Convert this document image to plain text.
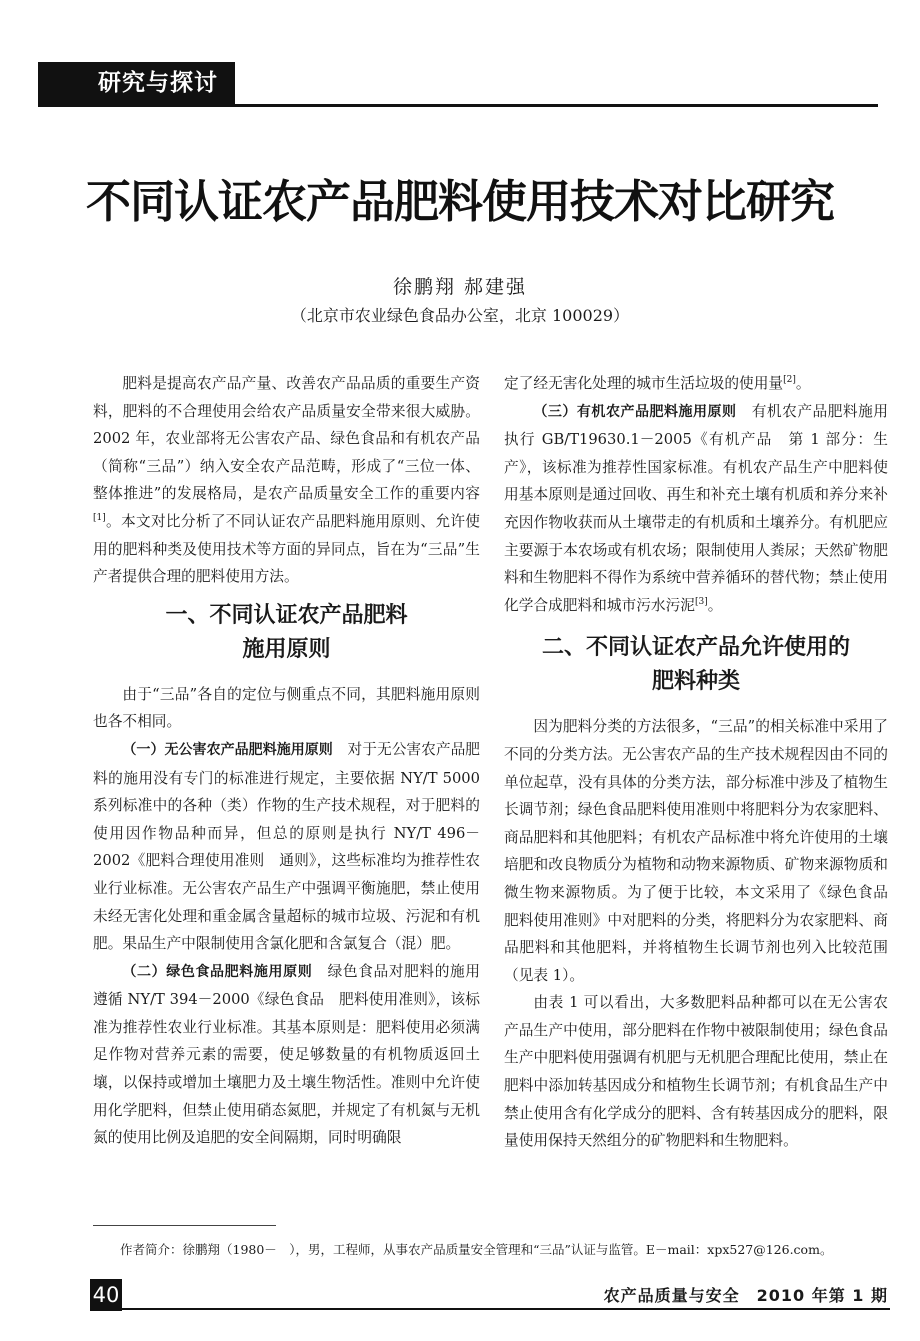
研究与探讨
不同认证农产品肥料使用技术对比研究

徐鹏翔 郝建强

（北京市农业绿色食品办公室，北京 100029）

肥料是提高农产品产量、改善农产品品质的重要生产资料，肥料的不合理使用会给农产品质量安全带来很大威胁。2002 年，农业部将无公害农产品、绿色食品和有机农产品（简称“三品”）纳入安全农产品范畴，形成了“三位一体、整体推进”的发展格局，是农产品质量安全工作的重要内容[1]。本文对比分析了不同认证农产品肥料施用原则、允许使用的肥料种类及使用技术等方面的异同点，旨在为“三品”生产者提供合理的肥料使用方法。

一、不同认证农产品肥料
施用原则

由于“三品”各自的定位与侧重点不同，其肥料施用原则也各不相同。

（一）无公害农产品肥料施用原则　对于无公害农产品肥料的施用没有专门的标准进行规定，主要依据 NY/T 5000 系列标准中的各种（类）作物的生产技术规程，对于肥料的使用因作物品种而异，但总的原则是执行 NY/T 496－2002《肥料合理使用准则　通则》，这些标准均为推荐性农业行业标准。无公害农产品生产中强调平衡施肥，禁止使用未经无害化处理和重金属含量超标的城市垃圾、污泥和有机肥。果品生产中限制使用含氯化肥和含氯复合（混）肥。

（二）绿色食品肥料施用原则　绿色食品对肥料的施用遵循 NY/T 394－2000《绿色食品　肥料使用准则》，该标准为推荐性农业行业标准。其基本原则是：肥料使用必须满足作物对营养元素的需要，使足够数量的有机物质返回土壤，以保持或增加土壤肥力及土壤生物活性。准则中允许使用化学肥料，但禁止使用硝态氮肥，并规定了有机氮与无机氮的使用比例及追肥的安全间隔期，同时明确限

定了经无害化处理的城市生活垃圾的使用量[2]。

（三）有机农产品肥料施用原则　有机农产品肥料施用执行 GB/T19630.1－2005《有机产品　第 1 部分：生产》，该标准为推荐性国家标准。有机农产品生产中肥料使用基本原则是通过回收、再生和补充土壤有机质和养分来补充因作物收获而从土壤带走的有机质和土壤养分。有机肥应主要源于本农场或有机农场；限制使用人粪尿；天然矿物肥料和生物肥料不得作为系统中营养循环的替代物；禁止使用化学合成肥料和城市污水污泥[3]。

二、不同认证农产品允许使用的
肥料种类

因为肥料分类的方法很多，“三品”的相关标准中采用了不同的分类方法。无公害农产品的生产技术规程因由不同的单位起草，没有具体的分类方法，部分标准中涉及了植物生长调节剂；绿色食品肥料使用准则中将肥料分为农家肥料、商品肥料和其他肥料；有机农产品标准中将允许使用的土壤培肥和改良物质分为植物和动物来源物质、矿物来源物质和微生物来源物质。为了便于比较，本文采用了《绿色食品　肥料使用准则》中对肥料的分类，将肥料分为农家肥料、商品肥料和其他肥料，并将植物生长调节剂也列入比较范围（见表 1）。

由表 1 可以看出，大多数肥料品种都可以在无公害农产品生产中使用，部分肥料在作物中被限制使用；绿色食品生产中肥料使用强调有机肥与无机肥合理配比使用，禁止在肥料中添加转基因成分和植物生长调节剂；有机食品生产中禁止使用含有化学成分的肥料、含有转基因成分的肥料，限量使用保持天然组分的矿物肥料和生物肥料。

作者简介：徐鹏翔（1980－　），男，工程师，从事农产品质量安全管理和“三品”认证与监管。E－mail：xpx527@126.com。

40	农产品质量与安全　2010 年第 1 期
